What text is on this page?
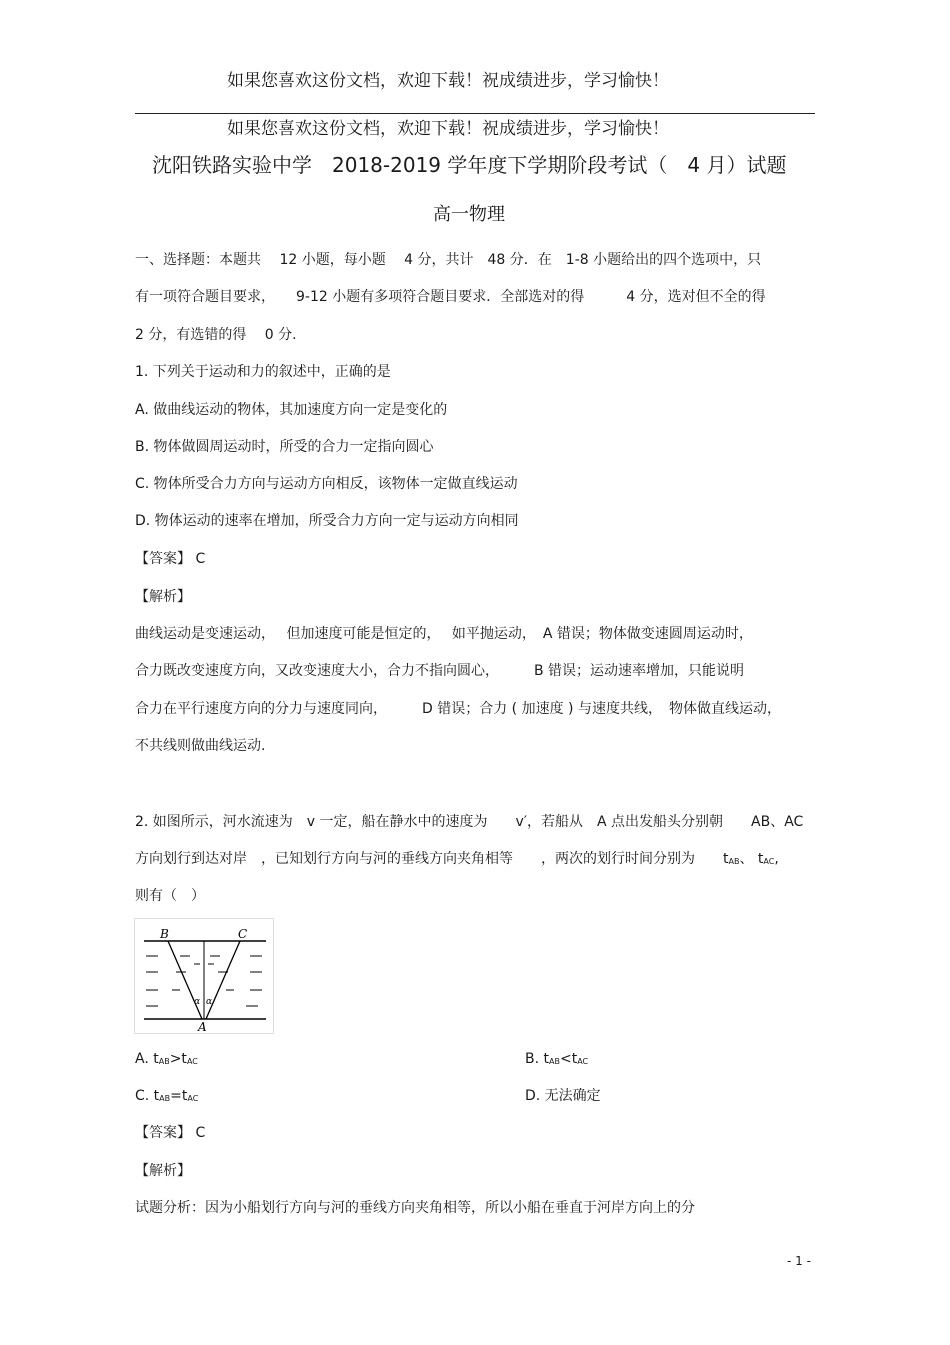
如果您喜欢这份文档，欢迎下载！祝成绩进步，学习愉快！
如果您喜欢这份文档，欢迎下载！祝成绩进步，学习愉快！
沈阳铁路实验中学　2018-2019 学年度下学期阶段考试（　4 月）试题
高一物理
一、选择题：本题共　 12 小题，每小题　 4 分，共计　48 分．在　1-8 小题给出的四个选项中，只
有一项符合题目要求，　　9-12 小题有多项符合题目要求．全部选对的得　　　4 分，选对但不全的得
2 分，有选错的得　 0 分.
1. 下列关于运动和力的叙述中，正确的是
A. 做曲线运动的物体，其加速度方向一定是变化的
B. 物体做圆周运动时，所受的合力一定指向圆心
C. 物体所受合力方向与运动方向相反，该物体一定做直线运动
D. 物体运动的速率在增加，所受合力方向一定与运动方向相同
【答案】 C
【解析】
曲线运动是变速运动，　 但加速度可能是恒定的，　 如平抛运动，　A 错误；物体做变速圆周运动时，
合力既改变速度方向，又改变速度大小，合力不指向圆心，　　　B 错误；运动速率增加，只能说明
合力在平行速度方向的分力与速度同向，　　　D 错误；合力 ( 加速度 ) 与速度共线，　物体做直线运动，
不共线则做曲线运动.
2. 如图所示，河水流速为　v 一定，船在静水中的速度为　　v′，若船从　A 点出发船头分别朝　　AB、AC
方向划行到达对岸　，已知划行方向与河的垂线方向夹角相等　　，两次的划行时间分别为　　$t_{AB}$、 $t_{AC}$,
则有（　）
B	C
A
α α
A. $t_{AB}>t_{AC}$	B. $t_{AB}<t_{AC}$
C. $t_{AB}=t_{AC}$	D. 无法确定
【答案】 C
【解析】
试题分析：因为小船划行方向与河的垂线方向夹角相等，所以小船在垂直于河岸方向上的分
- 1 -
